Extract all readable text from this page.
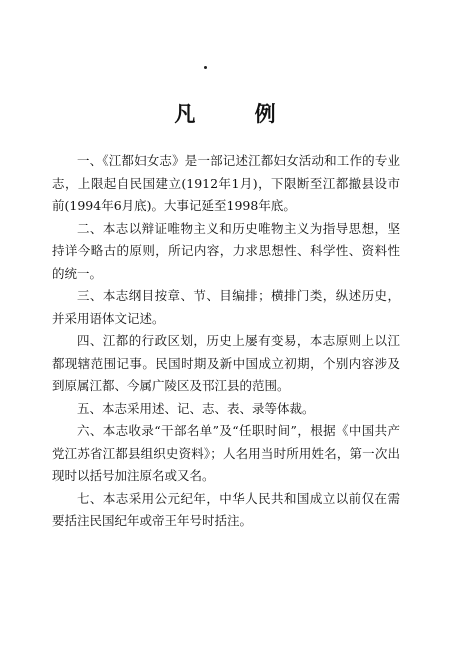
凡 例

一、《江都妇女志》是一部记述江都妇女活动和工作的专业志，上限起自民国建立(1912年1月)，下限断至江都撤县设市前(1994年6月底)。大事记延至1998年底。

二、本志以辩证唯物主义和历史唯物主义为指导思想，坚持详今略古的原则，所记内容，力求思想性、科学性、资料性的统一。

三、本志纲目按章、节、目编排；横排门类，纵述历史，并采用语体文记述。

四、江都的行政区划，历史上屡有变易，本志原则上以江都现辖范围记事。民国时期及新中国成立初期，个别内容涉及到原属江都、今属广陵区及邗江县的范围。

五、本志采用述、记、志、表、录等体裁。

六、本志收录“干部名单”及“任职时间”，根据《中国共产党江苏省江都县组织史资料》；人名用当时所用姓名，第一次出现时以括号加注原名或又名。

七、本志采用公元纪年，中华人民共和国成立以前仅在需要括注民国纪年或帝王年号时括注。
